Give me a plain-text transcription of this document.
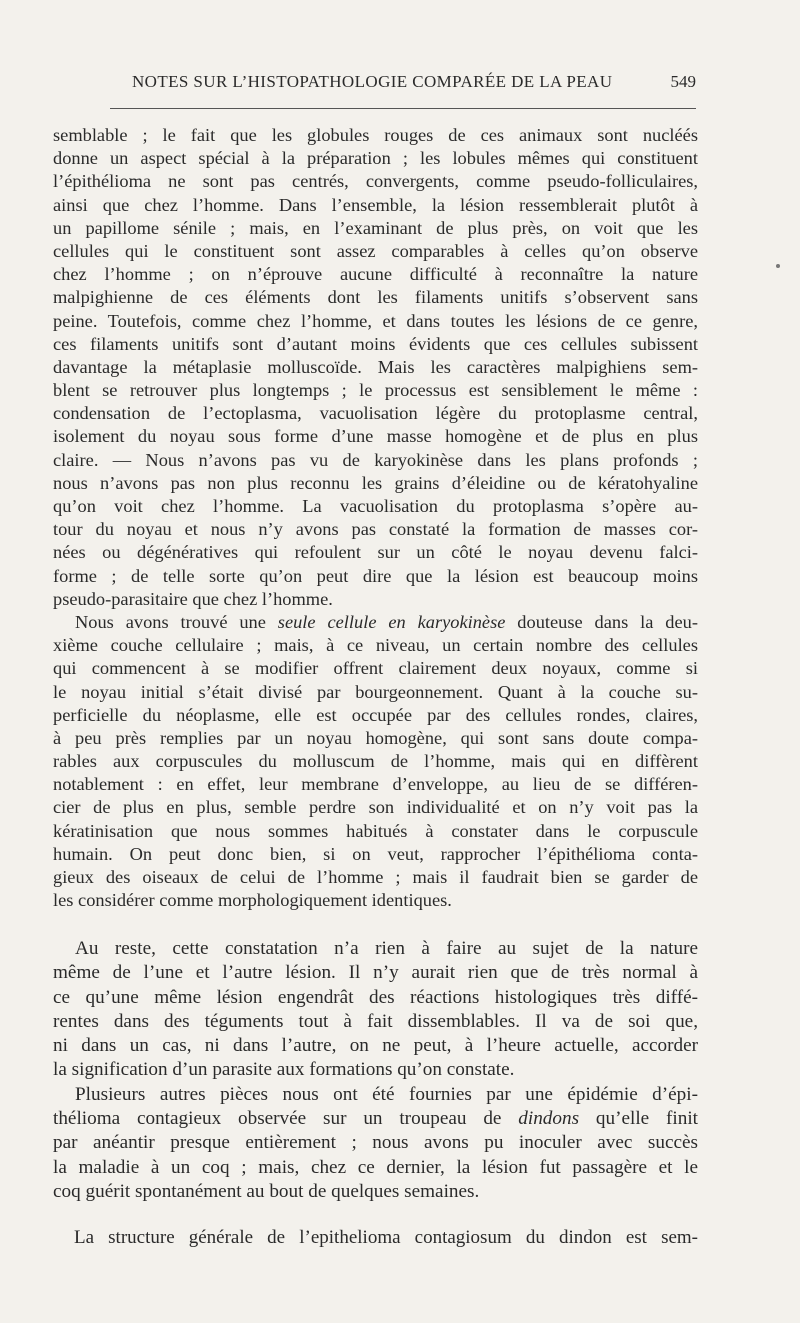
NOTES SUR L’HISTOPATHOLOGIE COMPARÉE DE LA PEAU	549
semblable ; le fait que les globules rouges de ces animaux sont nucléés
donne un aspect spécial à la préparation ; les lobules mêmes qui constituent
l’épithélioma ne sont pas centrés, convergents, comme pseudo-folliculaires,
ainsi que chez l’homme. Dans l’ensemble, la lésion ressemblerait plutôt à
un papillome sénile ; mais, en l’examinant de plus près, on voit que les
cellules qui le constituent sont assez comparables à celles qu’on observe
chez l’homme ; on n’éprouve aucune difficulté à reconnaître la nature
malpighienne de ces éléments dont les filaments unitifs s’observent sans
peine. Toutefois, comme chez l’homme, et dans toutes les lésions de ce genre,
ces filaments unitifs sont d’autant moins évidents que ces cellules subissent
davantage la métaplasie molluscoïde. Mais les caractères malpighiens sem-
blent se retrouver plus longtemps ; le processus est sensiblement le même :
condensation de l’ectoplasma, vacuolisation légère du protoplasme central,
isolement du noyau sous forme d’une masse homogène et de plus en plus
claire. — Nous n’avons pas vu de karyokinèse dans les plans profonds ;
nous n’avons pas non plus reconnu les grains d’éleidine ou de kératohyaline
qu’on voit chez l’homme. La vacuolisation du protoplasma s’opère au-
tour du noyau et nous n’y avons pas constaté la formation de masses cor-
nées ou dégénératives qui refoulent sur un côté le noyau devenu falci-
forme ; de telle sorte qu’on peut dire que la lésion est beaucoup moins
pseudo-parasitaire que chez l’homme.
Nous avons trouvé une seule cellule en karyokinèse douteuse dans la deu-
xième couche cellulaire ; mais, à ce niveau, un certain nombre des cellules
qui commencent à se modifier offrent clairement deux noyaux, comme si
le noyau initial s’était divisé par bourgeonnement. Quant à la couche su-
perficielle du néoplasme, elle est occupée par des cellules rondes, claires,
à peu près remplies par un noyau homogène, qui sont sans doute compa-
rables aux corpuscules du molluscum de l’homme, mais qui en diffèrent
notablement : en effet, leur membrane d’enveloppe, au lieu de se différen-
cier de plus en plus, semble perdre son individualité et on n’y voit pas la
kératinisation que nous sommes habitués à constater dans le corpuscule
humain. On peut donc bien, si on veut, rapprocher l’épithélioma conta-
gieux des oiseaux de celui de l’homme ; mais il faudrait bien se garder de
les considérer comme morphologiquement identiques.
Au reste, cette constatation n’a rien à faire au sujet de la nature
même de l’une et l’autre lésion. Il n’y aurait rien que de très normal à
ce qu’une même lésion engendrât des réactions histologiques très diffé-
rentes dans des téguments tout à fait dissemblables. Il va de soi que,
ni dans un cas, ni dans l’autre, on ne peut, à l’heure actuelle, accorder
la signification d’un parasite aux formations qu’on constate.
Plusieurs autres pièces nous ont été fournies par une épidémie d’épi-
thélioma contagieux observée sur un troupeau de dindons qu’elle finit
par anéantir presque entièrement ; nous avons pu inoculer avec succès
la maladie à un coq ; mais, chez ce dernier, la lésion fut passagère et le
coq guérit spontanément au bout de quelques semaines.
La structure générale de l’epithelioma contagiosum du dindon est sem-
